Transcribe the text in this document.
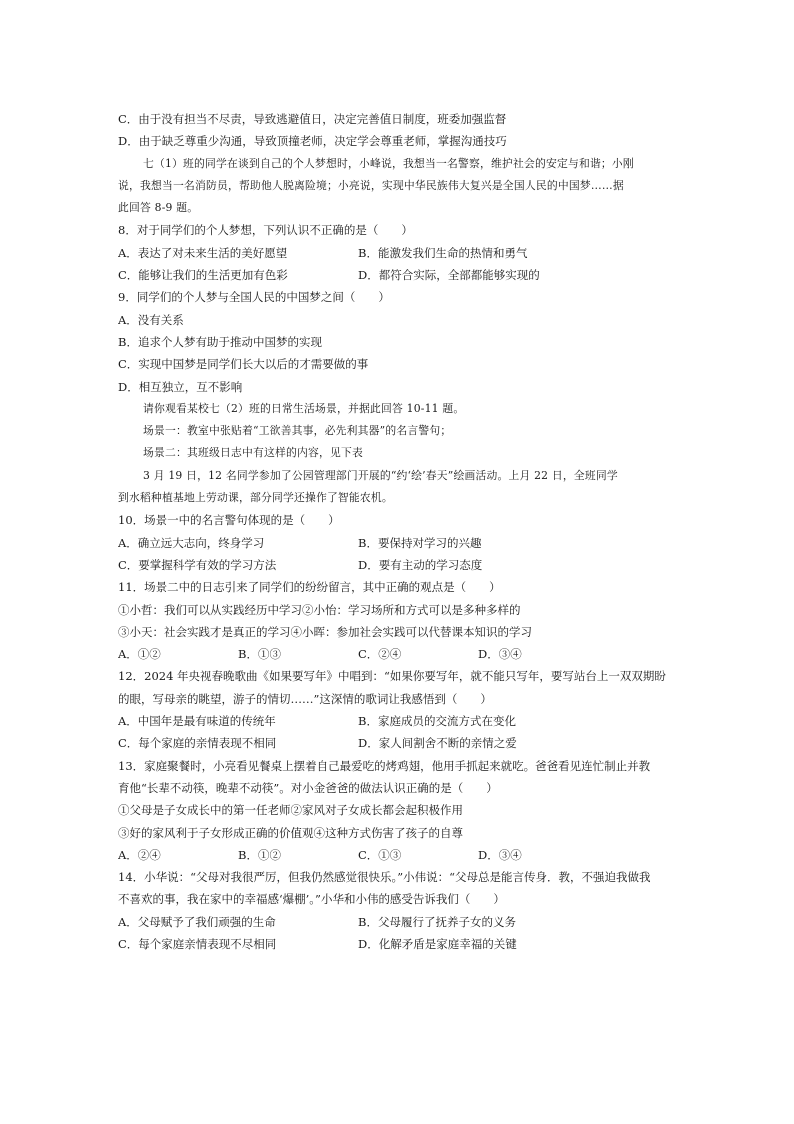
C．由于没有担当不尽责，导致逃避值日，决定完善值日制度，班委加强监督
D．由于缺乏尊重少沟通，导致顶撞老师，决定学会尊重老师，掌握沟通技巧
七（1）班的同学在谈到自己的个人梦想时，小峰说，我想当一名警察，维护社会的安定与和谐；小刚
说，我想当一名消防员，帮助他人脱离险境；小亮说，实现中华民族伟大复兴是全国人民的中国梦……据
此回答 8-9 题。
8．对于同学们的个人梦想，下列认识不正确的是（　　）
A．表达了对未来生活的美好愿望	B．能激发我们生命的热情和勇气
C．能够让我们的生活更加有色彩	D．都符合实际，全部都能够实现的
9．同学们的个人梦与全国人民的中国梦之间（　　）
A．没有关系
B．追求个人梦有助于推动中国梦的实现
C．实现中国梦是同学们长大以后的才需要做的事
D．相互独立，互不影响
请你观看某校七（2）班的日常生活场景，并据此回答 10-11 题。
场景一：教室中张贴着“工欲善其事，必先利其器”的名言警句；
场景二：其班级日志中有这样的内容，见下表
3 月 19 日，12 名同学参加了公园管理部门开展的“约‘绘’春天”绘画活动。上月 22 日，全班同学
到水稻种植基地上劳动课，部分同学还操作了智能农机。
10．场景一中的名言警句体现的是（　　）
A．确立远大志向，终身学习	B．要保持对学习的兴趣
C．要掌握科学有效的学习方法	D．要有主动的学习态度
11．场景二中的日志引来了同学们的纷纷留言，其中正确的观点是（　　）
①小哲：我们可以从实践经历中学习②小怡：学习场所和方式可以是多种多样的
③小天：社会实践才是真正的学习④小晖：参加社会实践可以代替课本知识的学习
A．①②	B．①③	C．②④	D．③④
12．2024 年央视春晚歌曲《如果要写年》中唱到：“如果你要写年，就不能只写年，要写站台上一双双期盼
的眼，写母亲的眺望，游子的情切……”这深情的歌词让我感悟到（　　）
A．中国年是最有味道的传统年	B．家庭成员的交流方式在变化
C．每个家庭的亲情表现不相同	D．家人间割舍不断的亲情之爱
13．家庭聚餐时，小亮看见餐桌上摆着自己最爱吃的烤鸡翅，他用手抓起来就吃。爸爸看见连忙制止并教
育他“长辈不动筷，晚辈不动筷”。对小金爸爸的做法认识正确的是（　　）
①父母是子女成长中的第一任老师②家风对子女成长都会起积极作用
③好的家风利于子女形成正确的价值观④这种方式伤害了孩子的自尊
A．②④	B．①②	C．①③	D．③④
14．小华说：“父母对我很严厉，但我仍然感觉很快乐。”小伟说：“父母总是能言传身．教，不强迫我做我
不喜欢的事，我在家中的幸福感‘爆棚’。”小华和小伟的感受告诉我们（　　）
A．父母赋予了我们顽强的生命	B．父母履行了抚养子女的义务
C．每个家庭亲情表现不尽相同	D．化解矛盾是家庭幸福的关键
